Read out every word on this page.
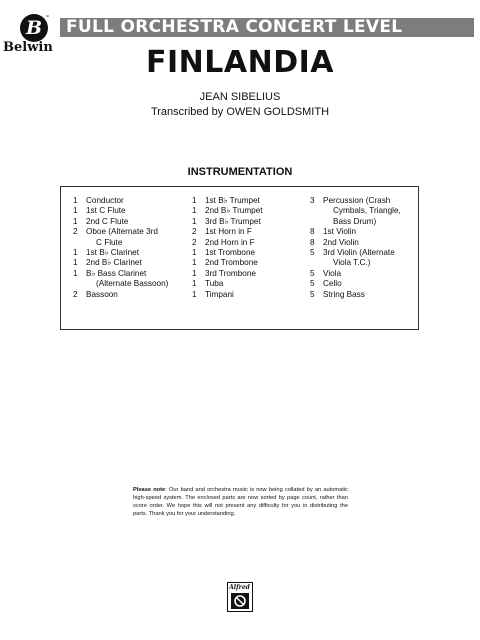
FULL ORCHESTRA CONCERT LEVEL
B
™
Belwin	FINLANDIA
JEAN SIBELIUS
Transcribed by OWEN GOLDSMITH
INSTRUMENTATION
1 Conductor
1 1st C Flute
1 2nd C Flute
2 Oboe (Alternate 3rd
C Flute
1 1st B♭ Clarinet
1 2nd B♭ Clarinet
1 B♭ Bass Clarinet
(Alternate Bassoon)
2 Bassoon
1 1st B♭ Trumpet
1 2nd B♭ Trumpet
1 3rd B♭ Trumpet
2 1st Horn in F
2 2nd Horn in F
1 1st Trombone
1 2nd Trombone
1 3rd Trombone
1 Tuba
1 Timpani
3 Percussion (Crash
Cymbals, Triangle,
Bass Drum)
8 1st Violin
8 2nd Violin
5 3rd Violin (Alternate
Viola T.C.)
5 Viola
5 Cello
5 String Bass
Please note: Our band and orchestra music is now being collated by an automatic high-speed system. The enclosed parts are now sorted by page count, rather than score order. We hope this will not present any difficulty for you in distributing the parts. Thank you for your understanding.
Alfred
